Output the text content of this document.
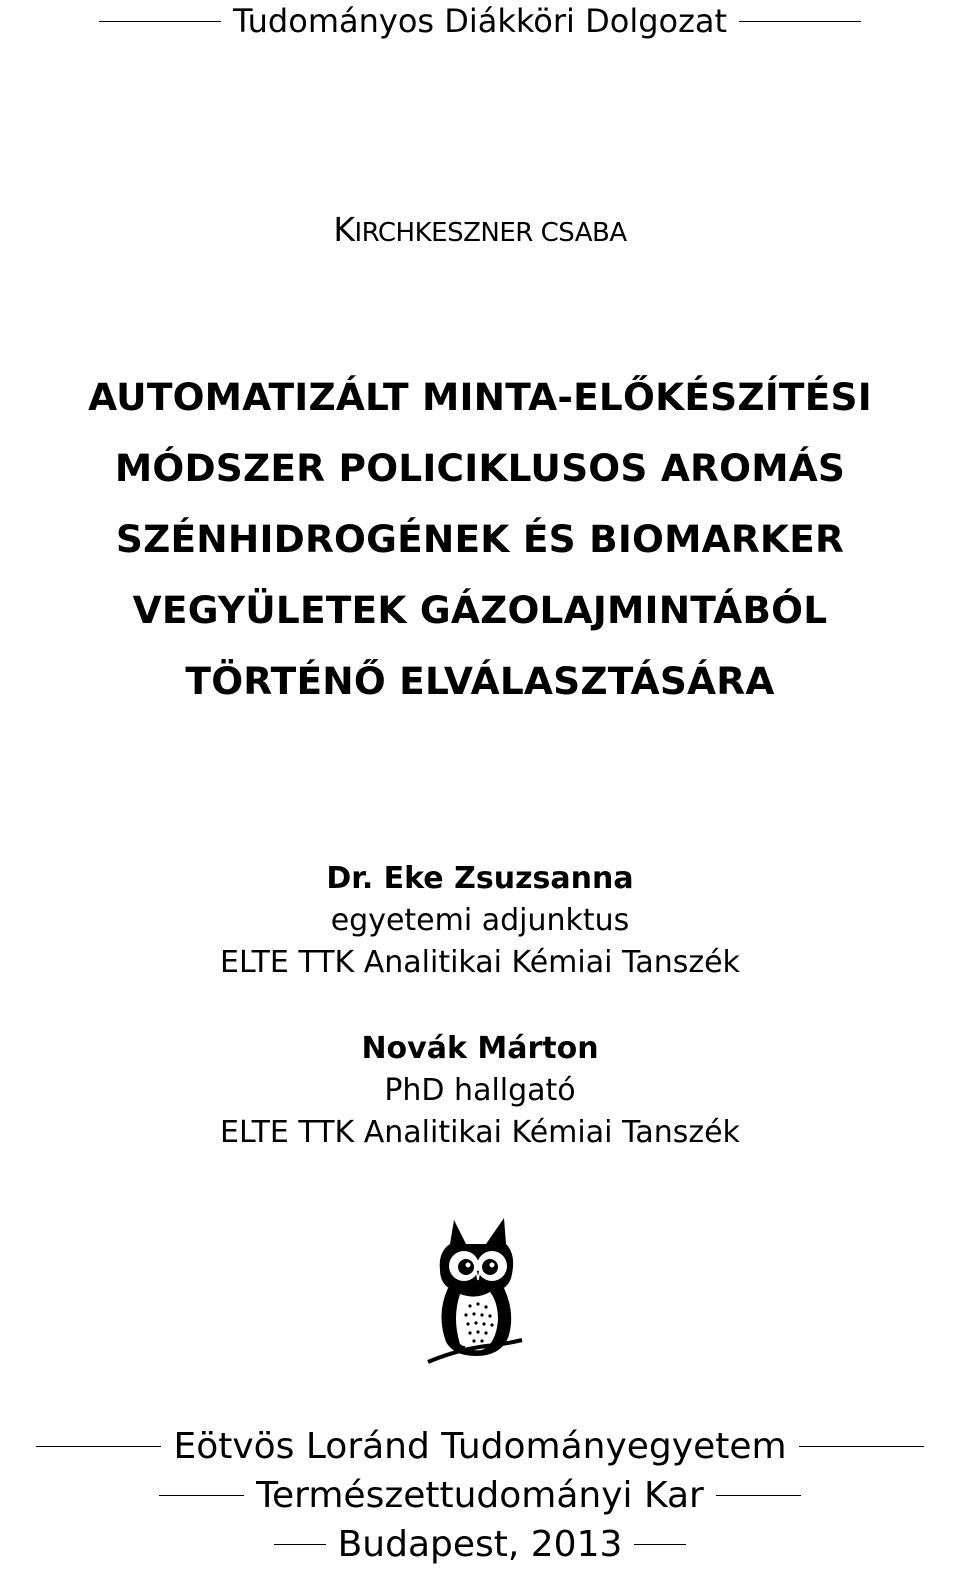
Tudományos Diákköri Dolgozat
KIRCHKESZNER CSABA
AUTOMATIZÁLT MINTA-ELŐKÉSZÍTÉSI
MÓDSZER POLICIKLUSOS AROMÁS
SZÉNHIDROGÉNEK ÉS BIOMARKER
VEGYÜLETEK GÁZOLAJMINTÁBÓL
TÖRTÉNŐ ELVÁLASZTÁSÁRA
Dr. Eke Zsuzsanna
egyetemi adjunktus
ELTE TTK Analitikai Kémiai Tanszék
Novák Márton
PhD hallgató
ELTE TTK Analitikai Kémiai Tanszék
Eötvös Loránd Tudományegyetem
Természettudományi Kar
Budapest, 2013
